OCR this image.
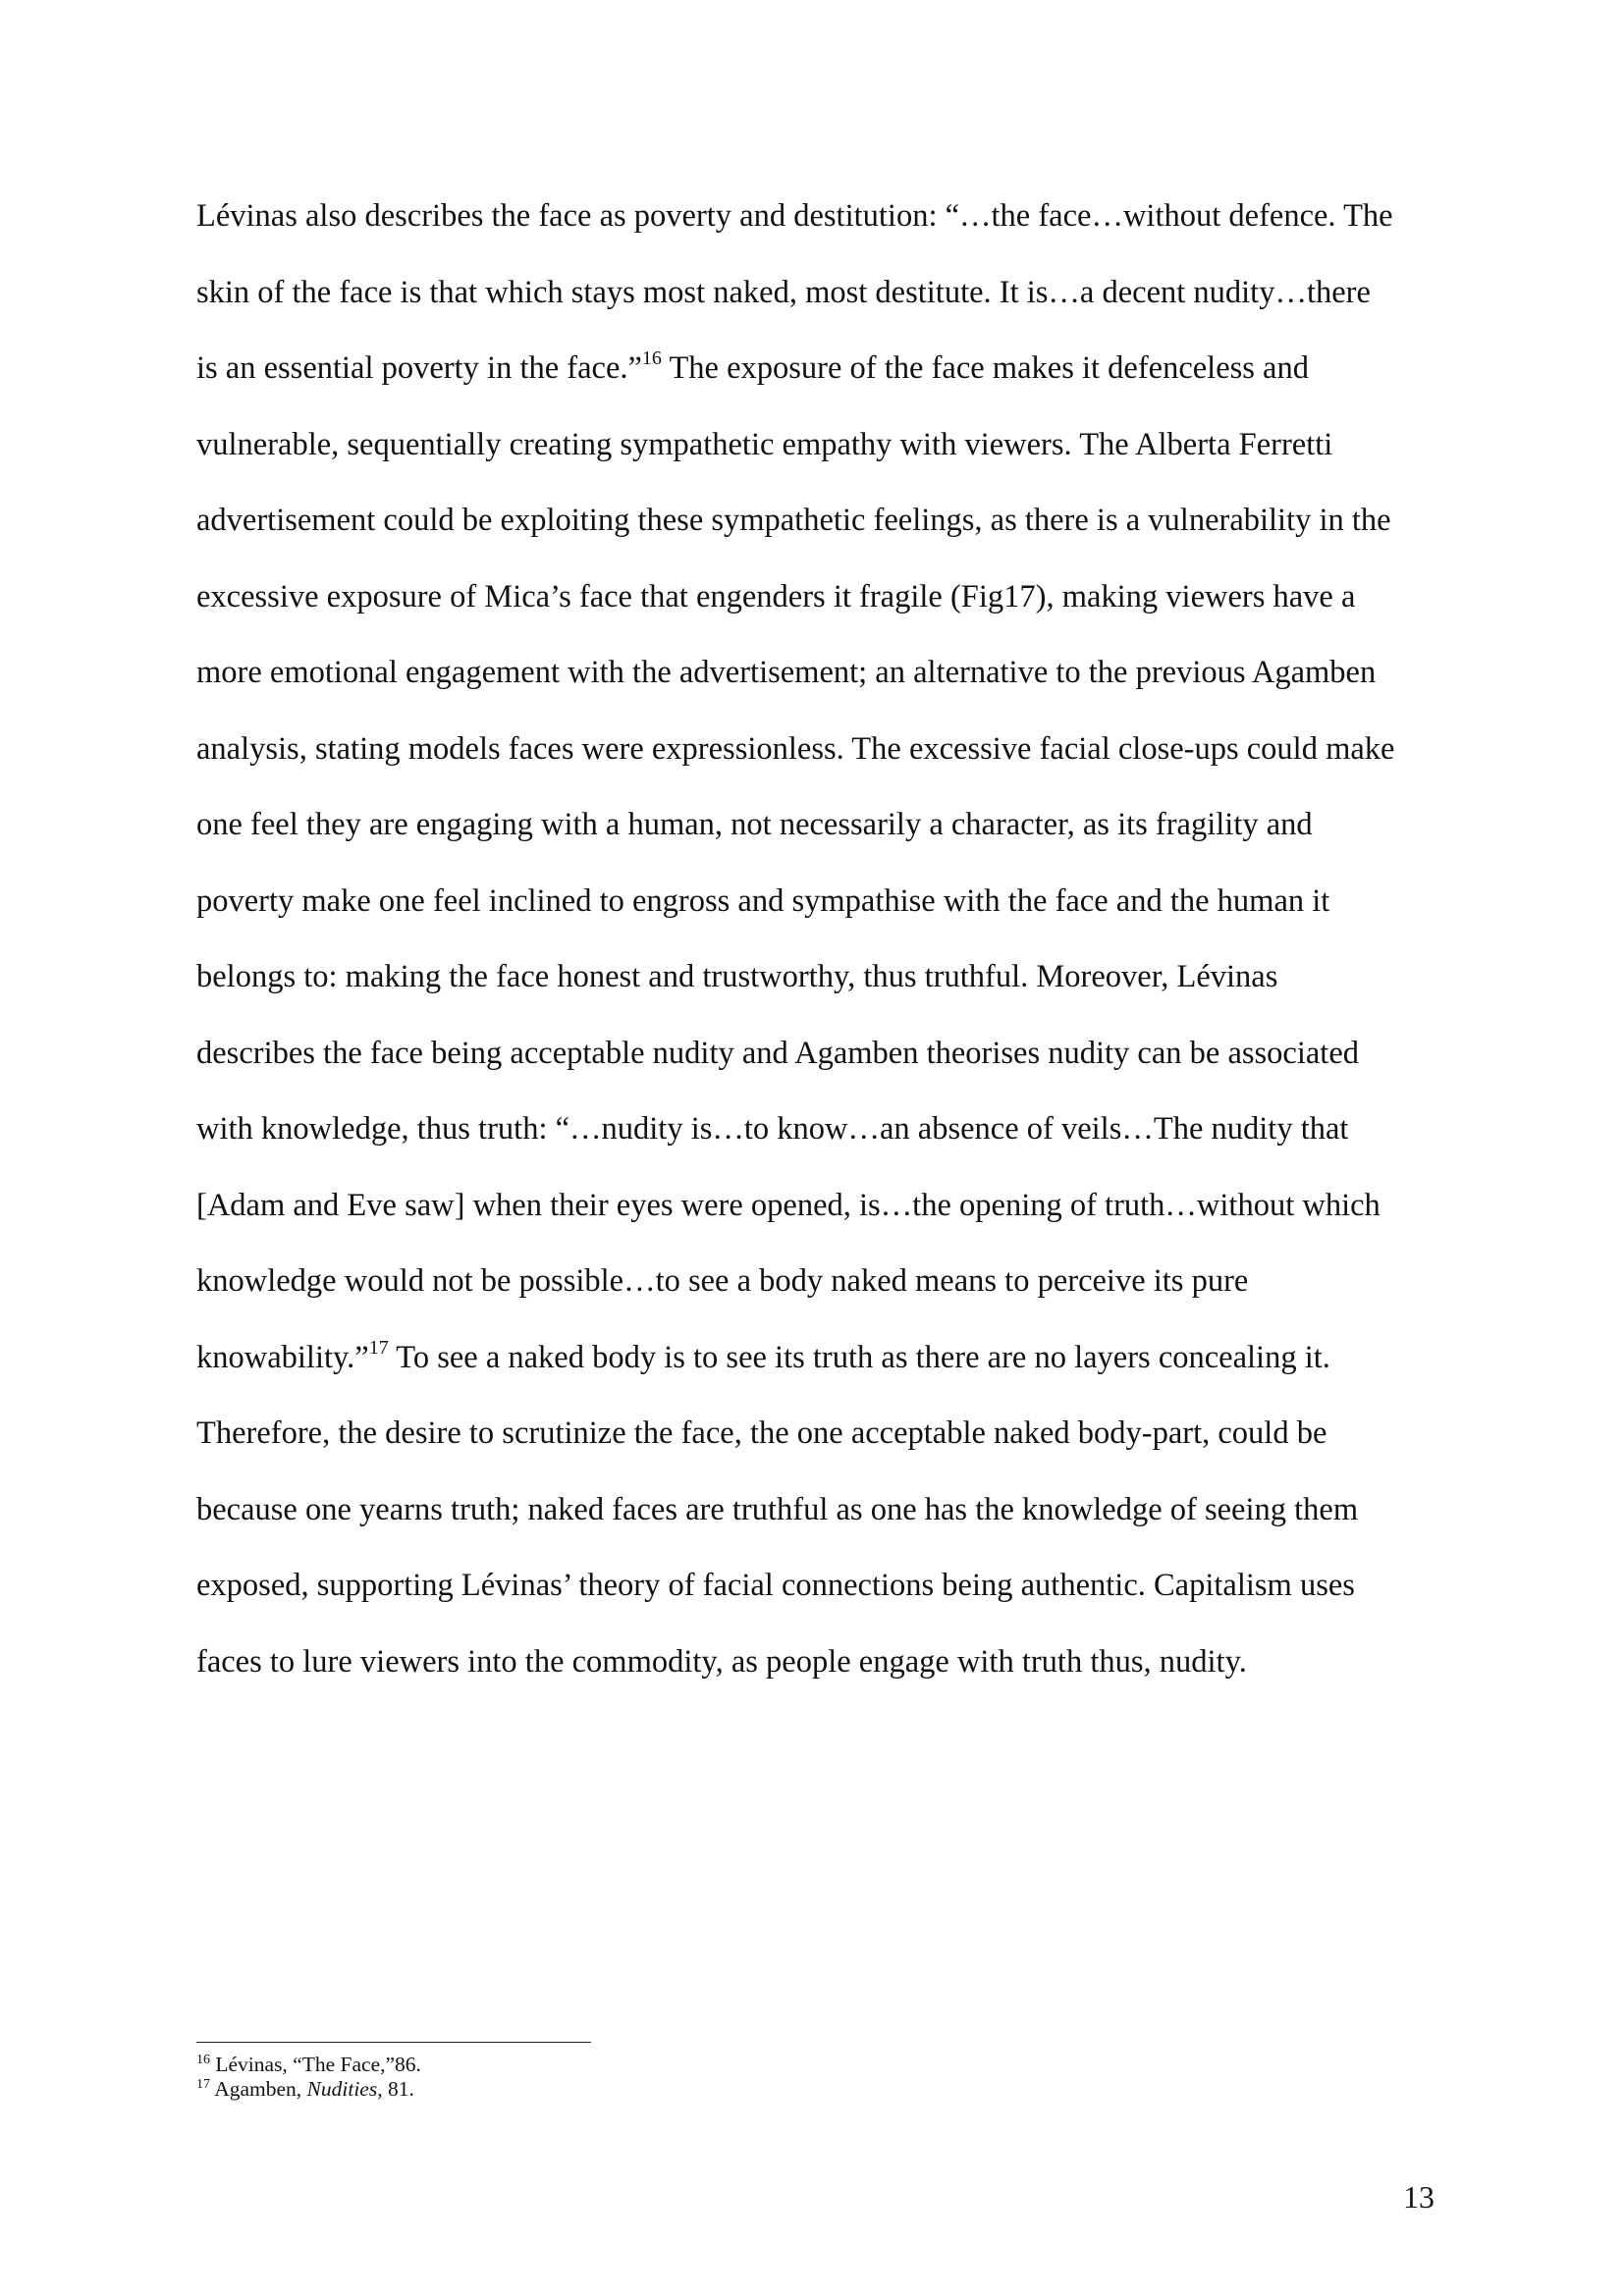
Lévinas also describes the face as poverty and destitution: “…the face…without defence. The
skin of the face is that which stays most naked, most destitute. It is…a decent nudity…there
is an essential poverty in the face.”$^{16}$ The exposure of the face makes it defenceless and
vulnerable, sequentially creating sympathetic empathy with viewers. The Alberta Ferretti
advertisement could be exploiting these sympathetic feelings, as there is a vulnerability in the
excessive exposure of Mica’s face that engenders it fragile (Fig17), making viewers have a
more emotional engagement with the advertisement; an alternative to the previous Agamben
analysis, stating models faces were expressionless. The excessive facial close-ups could make
one feel they are engaging with a human, not necessarily a character, as its fragility and
poverty make one feel inclined to engross and sympathise with the face and the human it
belongs to: making the face honest and trustworthy, thus truthful. Moreover, Lévinas
describes the face being acceptable nudity and Agamben theorises nudity can be associated
with knowledge, thus truth: “…nudity is…to know…an absence of veils…The nudity that
[Adam and Eve saw] when their eyes were opened, is…the opening of truth…without which
knowledge would not be possible…to see a body naked means to perceive its pure
knowability.”$^{17}$ To see a naked body is to see its truth as there are no layers concealing it.
Therefore, the desire to scrutinize the face, the one acceptable naked body-part, could be
because one yearns truth; naked faces are truthful as one has the knowledge of seeing them
exposed, supporting Lévinas’ theory of facial connections being authentic. Capitalism uses
faces to lure viewers into the commodity, as people engage with truth thus, nudity.
$^{16}$ Lévinas, “The Face,”86.
$^{17}$ Agamben, Nudities, 81.
13
